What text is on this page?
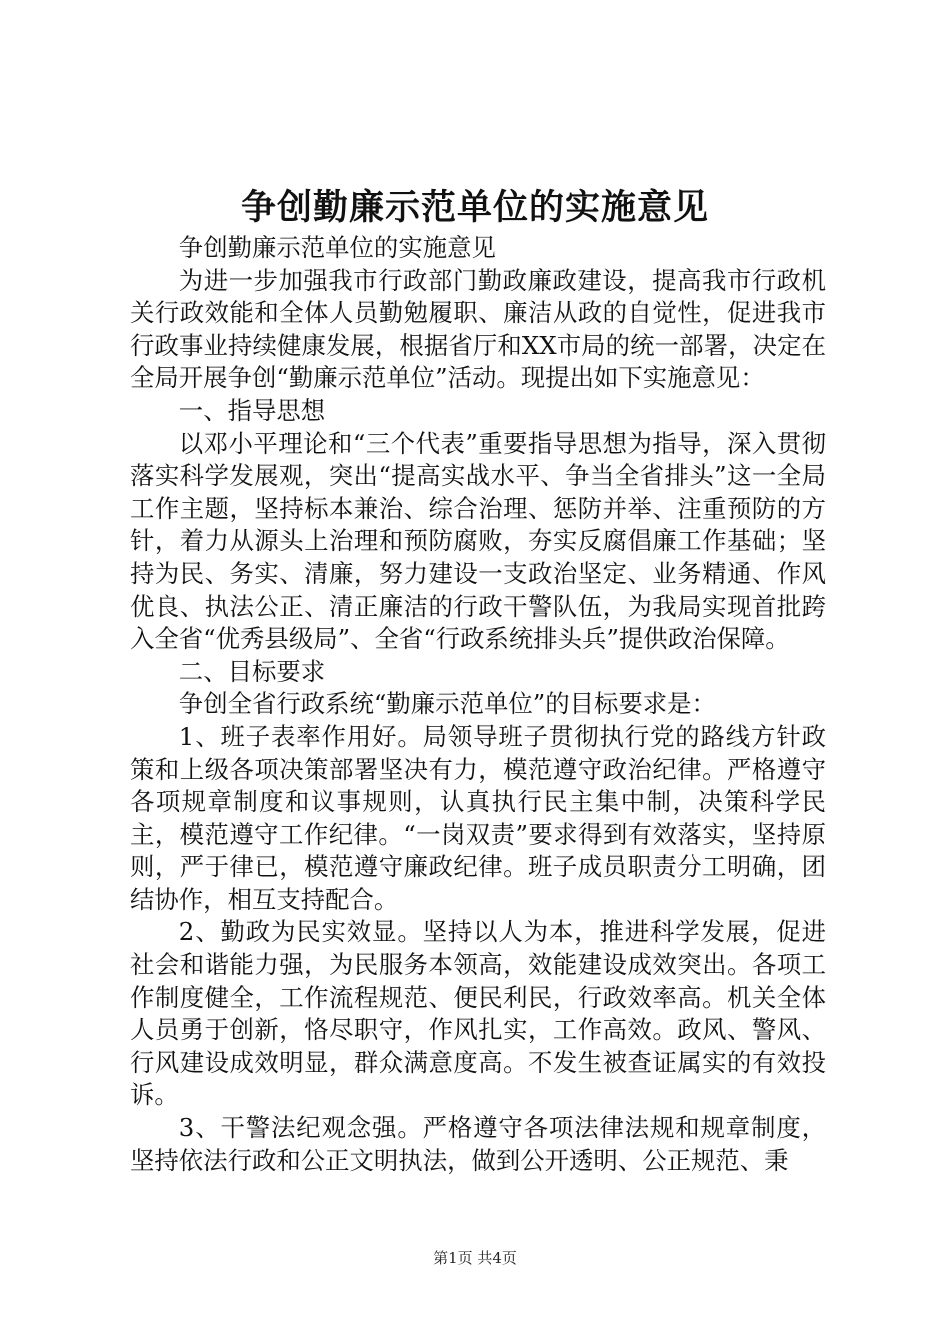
争创勤廉示范单位的实施意见

争创勤廉示范单位的实施意见

为进一步加强我市行政部门勤政廉政建设，提高我市行政机关行政效能和全体人员勤勉履职、廉洁从政的自觉性，促进我市行政事业持续健康发展，根据省厅和XX市局的统一部署，决定在全局开展争创“勤廉示范单位”活动。现提出如下实施意见：

一、指导思想

以邓小平理论和“三个代表”重要指导思想为指导，深入贯彻落实科学发展观，突出“提高实战水平、争当全省排头”这一全局工作主题，坚持标本兼治、综合治理、惩防并举、注重预防的方针，着力从源头上治理和预防腐败，夯实反腐倡廉工作基础；坚持为民、务实、清廉，努力建设一支政治坚定、业务精通、作风优良、执法公正、清正廉洁的行政干警队伍，为我局实现首批跨入全省“优秀县级局”、全省“行政系统排头兵”提供政治保障。

二、目标要求

争创全省行政系统“勤廉示范单位”的目标要求是：

1、班子表率作用好。局领导班子贯彻执行党的路线方针政策和上级各项决策部署坚决有力，模范遵守政治纪律。严格遵守各项规章制度和议事规则，认真执行民主集中制，决策科学民主，模范遵守工作纪律。“一岗双责”要求得到有效落实，坚持原则，严于律已，模范遵守廉政纪律。班子成员职责分工明确，团结协作，相互支持配合。

2、勤政为民实效显。坚持以人为本，推进科学发展，促进社会和谐能力强，为民服务本领高，效能建设成效突出。各项工作制度健全，工作流程规范、便民利民，行政效率高。机关全体人员勇于创新，恪尽职守，作风扎实，工作高效。政风、警风、行风建设成效明显，群众满意度高。不发生被查证属实的有效投诉。

3、干警法纪观念强。严格遵守各项法律法规和规章制度，坚持依法行政和公正文明执法，做到公开透明、公正规范、秉

第1页 共4页
